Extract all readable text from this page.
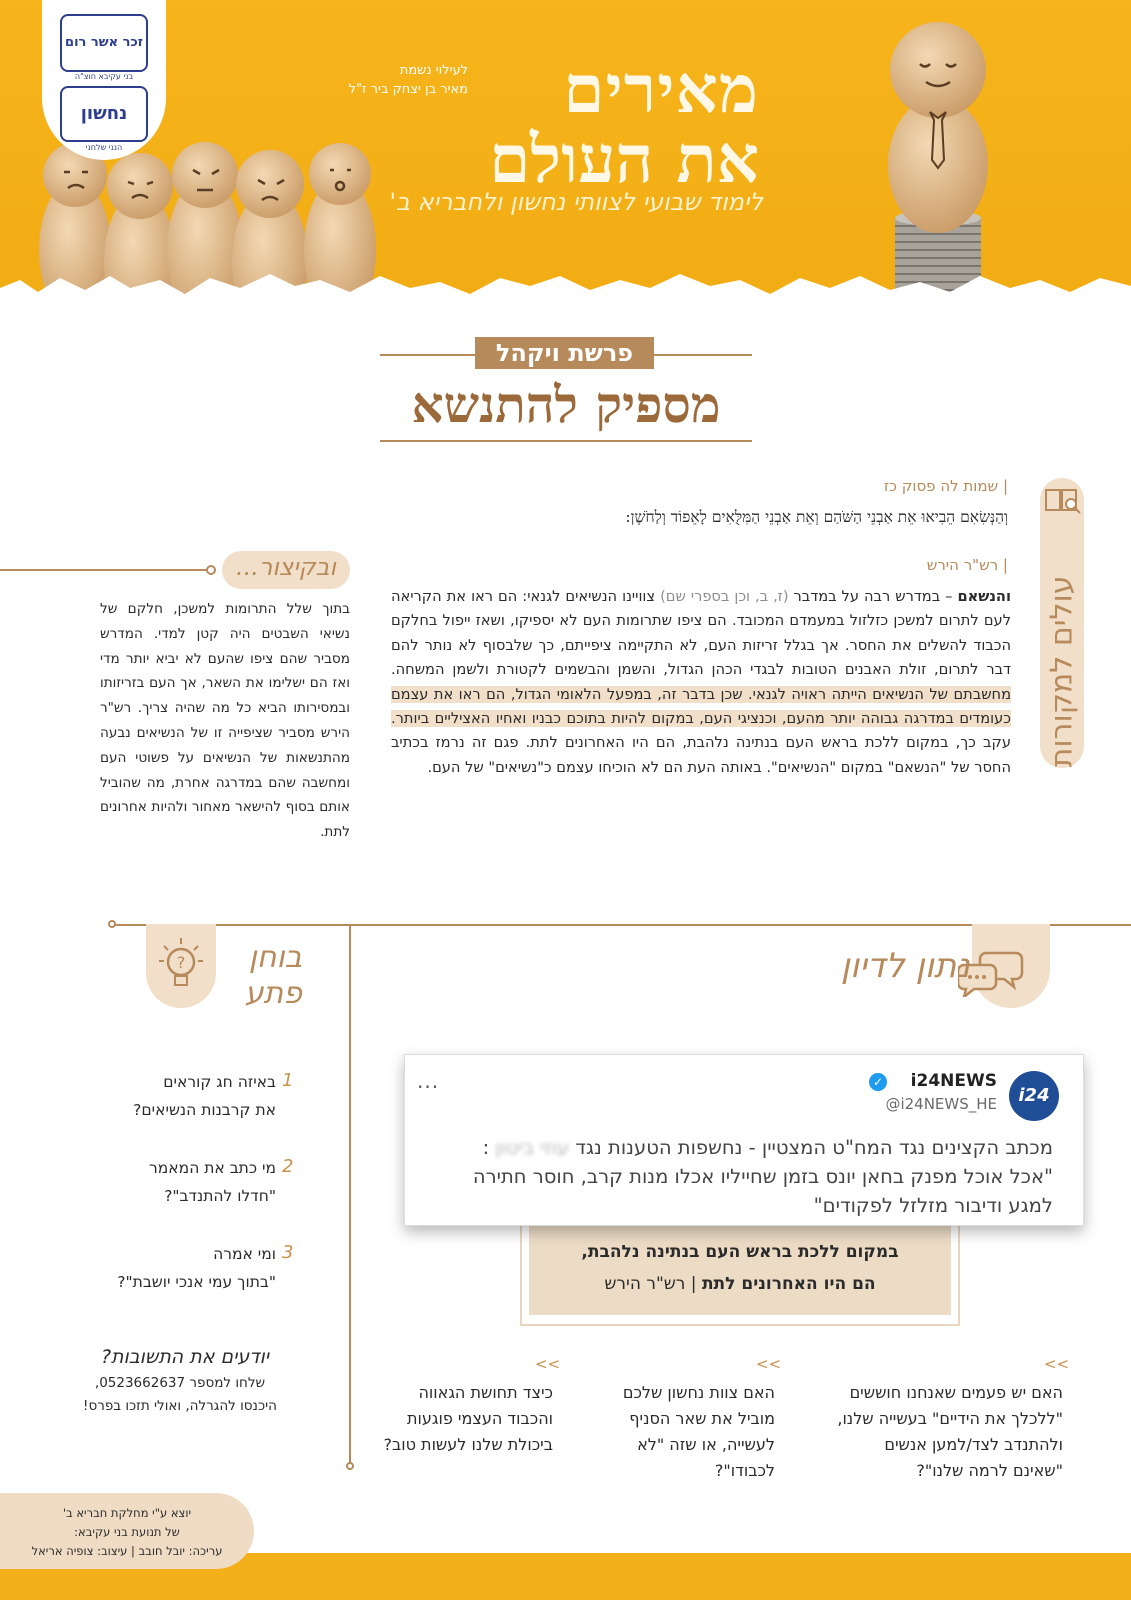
זכר אשר רום
בני עקיבא חוצ"ה
נחשון
הנני שלחני
לעילוי נשמת
מאיר בן יצחק ביר ז"ל מאירים
את העולם
לימוד שבועי לצוותי נחשון ולחבריא ב'
פרשת ויקהל
מספיק להתנשא
עולים למקורות
| שמות לה פסוק כז
וְהַנְּשִׂאִם הֵבִיאוּ אֵת אַבְנֵי הַשֹּׁהַם וְאֵת אַבְנֵי הַמִּלֻּאִים לָאֵפוֹד וְלַחֹשֶׁן:
| רש"ר הירש
והנשאם – במדרש רבה על במדבר (ז, ב, וכן בספרי שם) צוויינו הנשיאים לגנאי: הם ראו את הקריאה לעם לתרום למשכן כזלזול במעמדם המכובד. הם ציפו שתרומות העם לא יספיקו, ושאז ייפול בחלקם הכבוד להשלים את החסר. אך בגלל זריזות העם, לא התקיימה ציפייתם, כך שלבסוף לא נותר להם דבר לתרום, זולת האבנים הטובות לבגדי הכהן הגדול, והשמן והבשמים לקטורת ולשמן המשחה. מחשבתם של הנשיאים הייתה ראויה לגנאי. שכן בדבר זה, במפעל הלאומי הגדול, הם ראו את עצמם כעומדים במדרגה גבוהה יותר מהעם, וכנציגי העם, במקום להיות בתוכם כבניו ואחיו האציליים ביותר. עקב כך, במקום ללכת בראש העם בנתינה נלהבת, הם היו האחרונים לתת. פגם זה נרמז בכתיב החסר של "הנשאם" במקום "הנשיאים". באותה העת הם לא הוכיחו עצמם כ"נשיאים" של העם.
ובקיצור...
בתוך שלל התרומות למשכן, חלקם של נשיאי השבטים היה קטן למדי. המדרש מסביר שהם ציפו שהעם לא יביא יותר מדי ואז הם ישלימו את השאר, אך העם בזריזותו ובמסירותו הביא כל מה שהיה צריך. רש"ר הירש מסביר שציפייה זו של הנשיאים נבעה מהתנשאות של הנשיאים על פשוטי העם ומחשבה שהם במדרגה אחרת, מה שהוביל אותם בסוף להישאר מאחור ולהיות אחרונים לתת.
נתון לדיון
?	בוחן
פתע
באיזה חג קוראים
את קרבנות הנשיאים?
1
מי כתב את המאמר
"חדלו להתנדב"?
2
ומי אמרה
"בתוך עמי אנכי יושבת"?
3
יודעים את התשובות?
שלחו למספר 0523662637,
היכנסו להגרלה, ואולי תזכו בפרס!
במקום ללכת בראש העם בנתינה נלהבת,
הם היו האחרונים לתת | רש"ר הירש
i24
i24NEWS
✓
@i24NEWS_HE
...
מכתב הקצינים נגד המח"ט המצטיין - נחשפות הטענות נגד עוזי ביטון :
"אכל אוכל מפנק בחאן יונס בזמן שחייליו אכלו מנות קרב, חוסר חתירה
למגע ודיבור מזלזל לפקודים"
<<
האם יש פעמים שאנחנו חוששים "ללכלך את הידיים" בעשייה שלנו, ולהתנדב לצד/למען אנשים "שאינם לרמה שלנו"?
<<
האם צוות נחשון שלכם מוביל את שאר הסניף לעשייה, או שזה "לא לכבודו"?
<<
כיצד תחושת הגאווה והכבוד העצמי פוגעות ביכולת שלנו לעשות טוב?
יוצא ע"י מחלקת חבריא ב'
של תנועת בני עקיבא:
עריכה: יובל חובב | עיצוב: צופיה אריאל
